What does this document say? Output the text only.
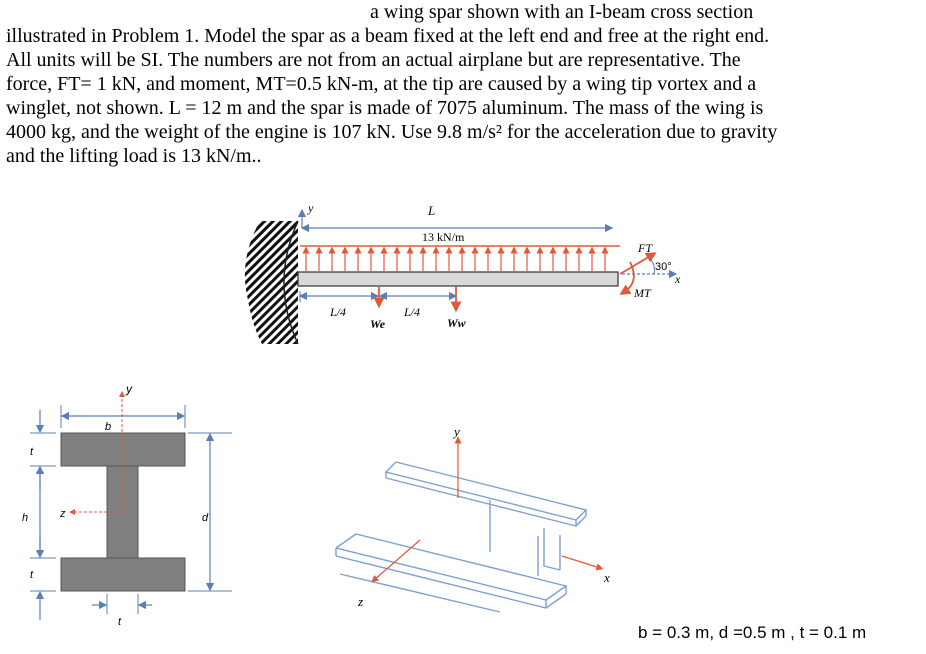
a wing spar shown with an I-beam cross section
illustrated in Problem 1. Model the spar as a beam fixed at the left end and free at the right end.
All units will be SI. The numbers are not from an actual airplane but are representative. The
force, FT= 1 kN, and moment, MT=0.5 kN-m, at the tip are caused by a wing tip vortex and a
winglet, not shown. L = 12 m and the spar is made of 7075 aluminum. The mass of the wing is
4000 kg, and the weight of the engine is 107 kN. Use 9.8 m/s² for the acceleration due to gravity
and the lifting load is 13 kN/m..
y	L
13 kN/m
FT
MT
30°
x
L/4	L/4
We	Ww
y
z
b
d
t
h
t
t
y
x
z
b = 0.3 m, d =0.5 m , t = 0.1 m
